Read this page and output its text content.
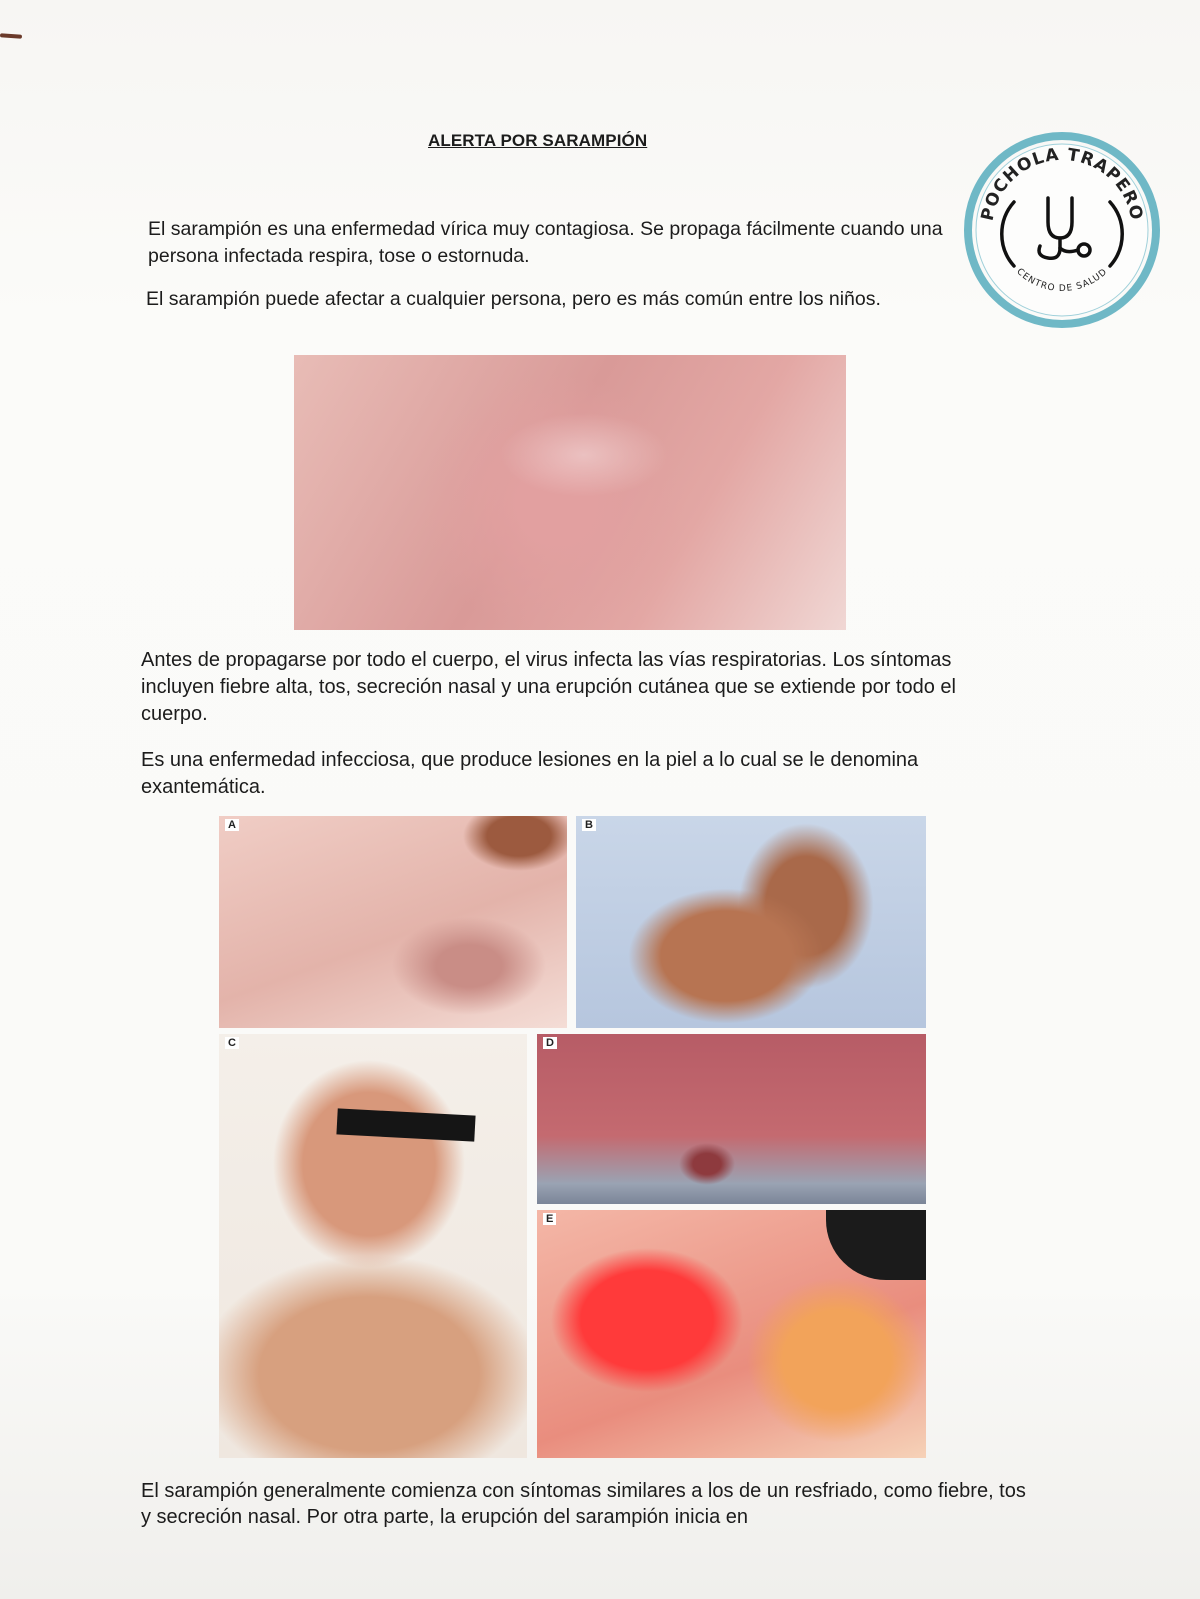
ALERTA POR SARAMPIÓN
POCHOLA TRAPERO
CENTRO DE SALUD

El sarampión es una enfermedad vírica muy contagiosa. Se propaga fácilmente cuando una persona infectada respira, tose o estornuda.

El sarampión puede afectar a cualquier persona, pero es más común entre los niños.

Antes de propagarse por todo el cuerpo, el virus infecta las vías respiratorias. Los síntomas incluyen fiebre alta, tos, secreción nasal y una erupción cutánea que se extiende por todo el cuerpo.

Es una enfermedad infecciosa, que produce lesiones en la piel a lo cual se le denomina exantemática.

A	B
C	D
E

El sarampión generalmente comienza con síntomas similares a los de un resfriado, como fiebre, tos y secreción nasal. Por otra parte, la erupción del sarampión inicia en
